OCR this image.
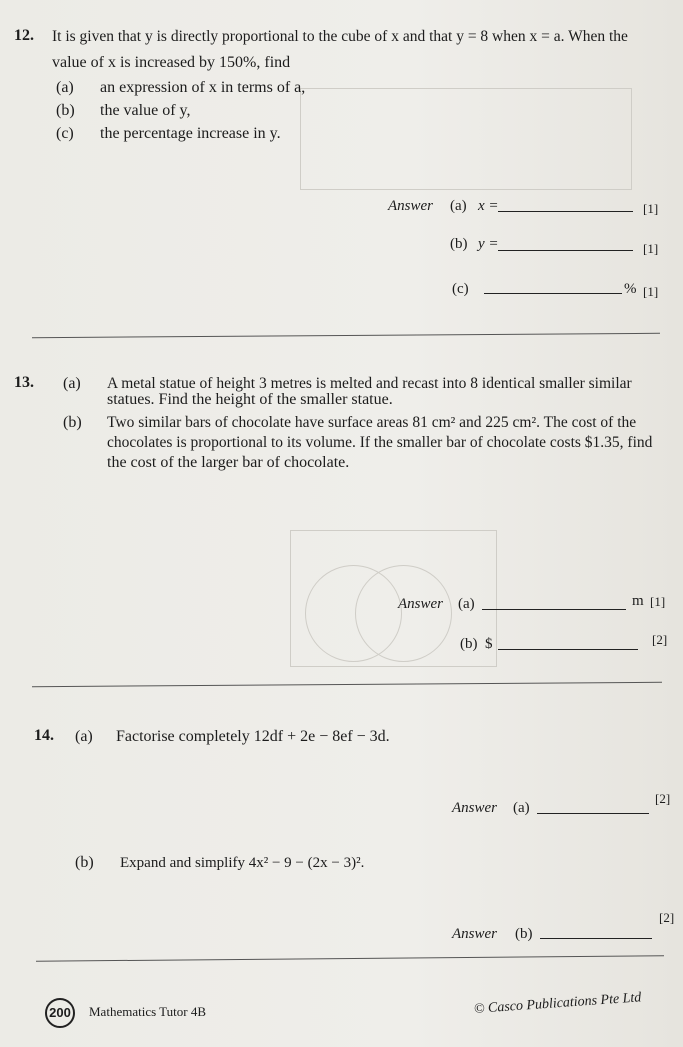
12. It is given that y is directly proportional to the cube of x and that y = 8 when x = a. When the
value of x is increased by 150%, find
(a) an expression of x in terms of a,
(b) the value of y,
(c) the percentage increase in y.
Answer (a) x =	[1]
(b) y =	[1]
(c)	% [1]
13. (a) A metal statue of height 3 metres is melted and recast into 8 identical smaller similar
statues. Find the height of the smaller statue.
(b) Two similar bars of chocolate have surface areas 81 cm² and 225 cm². The cost of the
chocolates is proportional to its volume. If the smaller bar of chocolate costs $1.35, find
the cost of the larger bar of chocolate.
Answer (a)	m [1]
(b) $	[2]
14. (a) Factorise completely 12df + 2e − 8ef − 3d.
Answer (a)
[2]
(b) Expand and simplify 4x² − 9 − (2x − 3)².
Answer (b)
[2]
200	Mathematics Tutor 4B	© Casco Publications Pte Ltd
